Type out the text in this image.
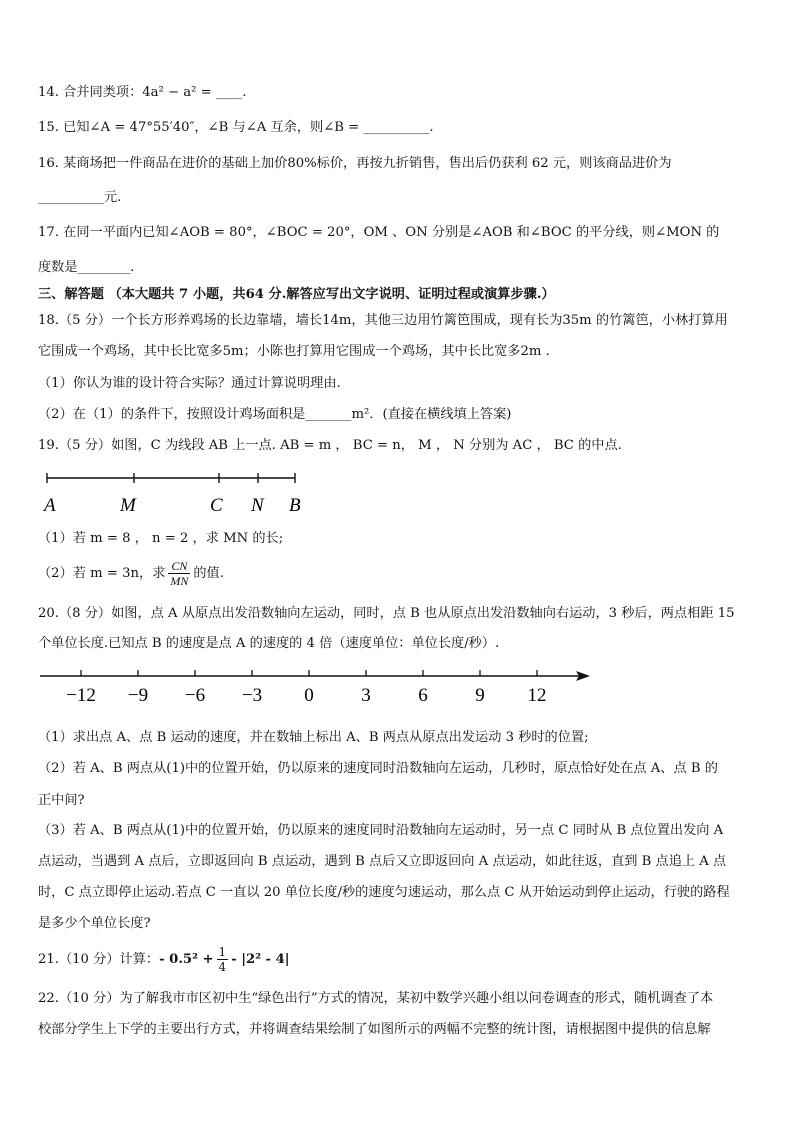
14. 合并同类项：4a² − a² = ____.
15. 已知∠A = 47°55′40″，∠B 与∠A 互余，则∠B = __________.
16. 某商场把一件商品在进价的基础上加价80%标价，再按九折销售，售出后仍获利 62 元，则该商品进价为
__________元.
17. 在同一平面内已知∠AOB = 80°，∠BOC = 20°，OM 、ON 分别是∠AOB 和∠BOC 的平分线，则∠MON 的
度数是________.
三、解答题 （本大题共 7 小题，共64 分.解答应写出文字说明、证明过程或演算步骤.）
18.（5 分）一个长方形养鸡场的长边靠墙，墙长14m，其他三边用竹篱笆围成，现有长为35m 的竹篱笆，小林打算用
它围成一个鸡场，其中长比宽多5m；小陈也打算用它围成一个鸡场，其中长比宽多2m .
（1）你认为谁的设计符合实际？通过计算说明理由.
（2）在（1）的条件下，按照设计鸡场面积是_______m²．(直接在横线填上答案)
19.（5 分）如图，C 为线段 AB 上一点. AB = m ， BC = n， M ， N 分别为 AC ， BC 的中点.
A	M	C N B
（1）若 m = 8 ， n = 2 ，求 MN 的长;
（2）若 m = 3n，求 $\frac{CN}{MN}$ 的值.
20.（8 分）如图，点 A 从原点出发沿数轴向左运动，同时，点 B 也从原点出发沿数轴向右运动，3 秒后，两点相距 15
个单位长度.已知点 B 的速度是点 A 的速度的 4 倍（速度单位：单位长度/秒）.
−12 −9 −6 −3 0	3	6	9 12
（1）求出点 A、点 B 运动的速度，并在数轴上标出 A、B 两点从原点出发运动 3 秒时的位置;
（2）若 A、B 两点从(1)中的位置开始，仍以原来的速度同时沿数轴向左运动，几秒时，原点恰好处在点 A、点 B 的
正中间?
（3）若 A、B 两点从(1)中的位置开始，仍以原来的速度同时沿数轴向左运动时，另一点 C 同时从 B 点位置出发向 A
点运动，当遇到 A 点后，立即返回向 B 点运动，遇到 B 点后又立即返回向 A 点运动，如此往返，直到 B 点追上 A 点
时，C 点立即停止运动.若点 C 一直以 20 单位长度/秒的速度匀速运动，那么点 C 从开始运动到停止运动，行驶的路程
是多少个单位长度?
21.（10 分）计算：- $0.5^2 + \frac{1}{4} - |2^2 - 4|$
22.（10 分）为了解我市市区初中生“绿色出行”方式的情况，某初中数学兴趣小组以问卷调查的形式，随机调查了本
校部分学生上下学的主要出行方式，并将调查结果绘制了如图所示的两幅不完整的统计图，请根据图中提供的信息解
